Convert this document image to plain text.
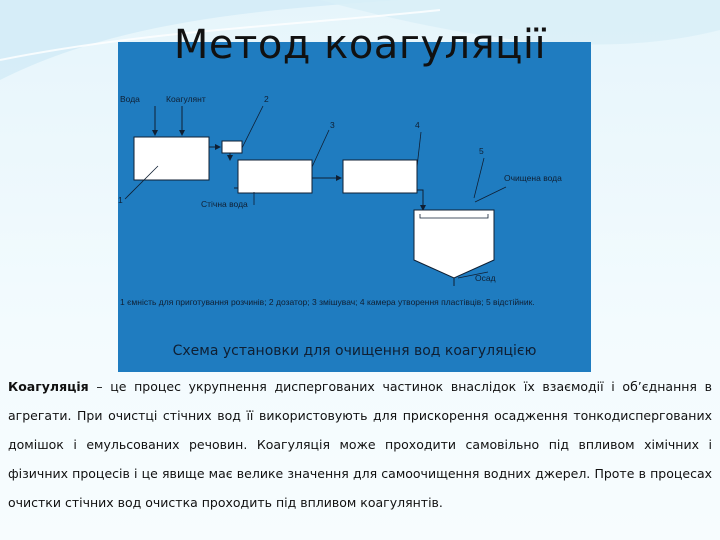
Метод коагуляції
Вода	Коагулянт	2
3	4
5
Очищена вода
1	Стічна вода
Осад
1 ємність для приготування розчинів; 2 дозатор; 3 змішувач; 4 камера утворення пластівців; 5 відстійник.
Схема установки для очищення вод коагуляцією
Коагуляція – це процес укрупнення диспергованих частинок внаслідок їх взаємодії і об’єднання в агрегати. При очистці стічних вод її використовують для прискорення осадження тонкодиспергованих домішок і емульсованих речовин. Коагуляція може проходити самовільно під впливом хімічних і фізичних процесів і це явище має велике значення для самоочищення водних джерел. Проте в процесах очистки стічних вод очистка проходить під впливом коагулянтів.
